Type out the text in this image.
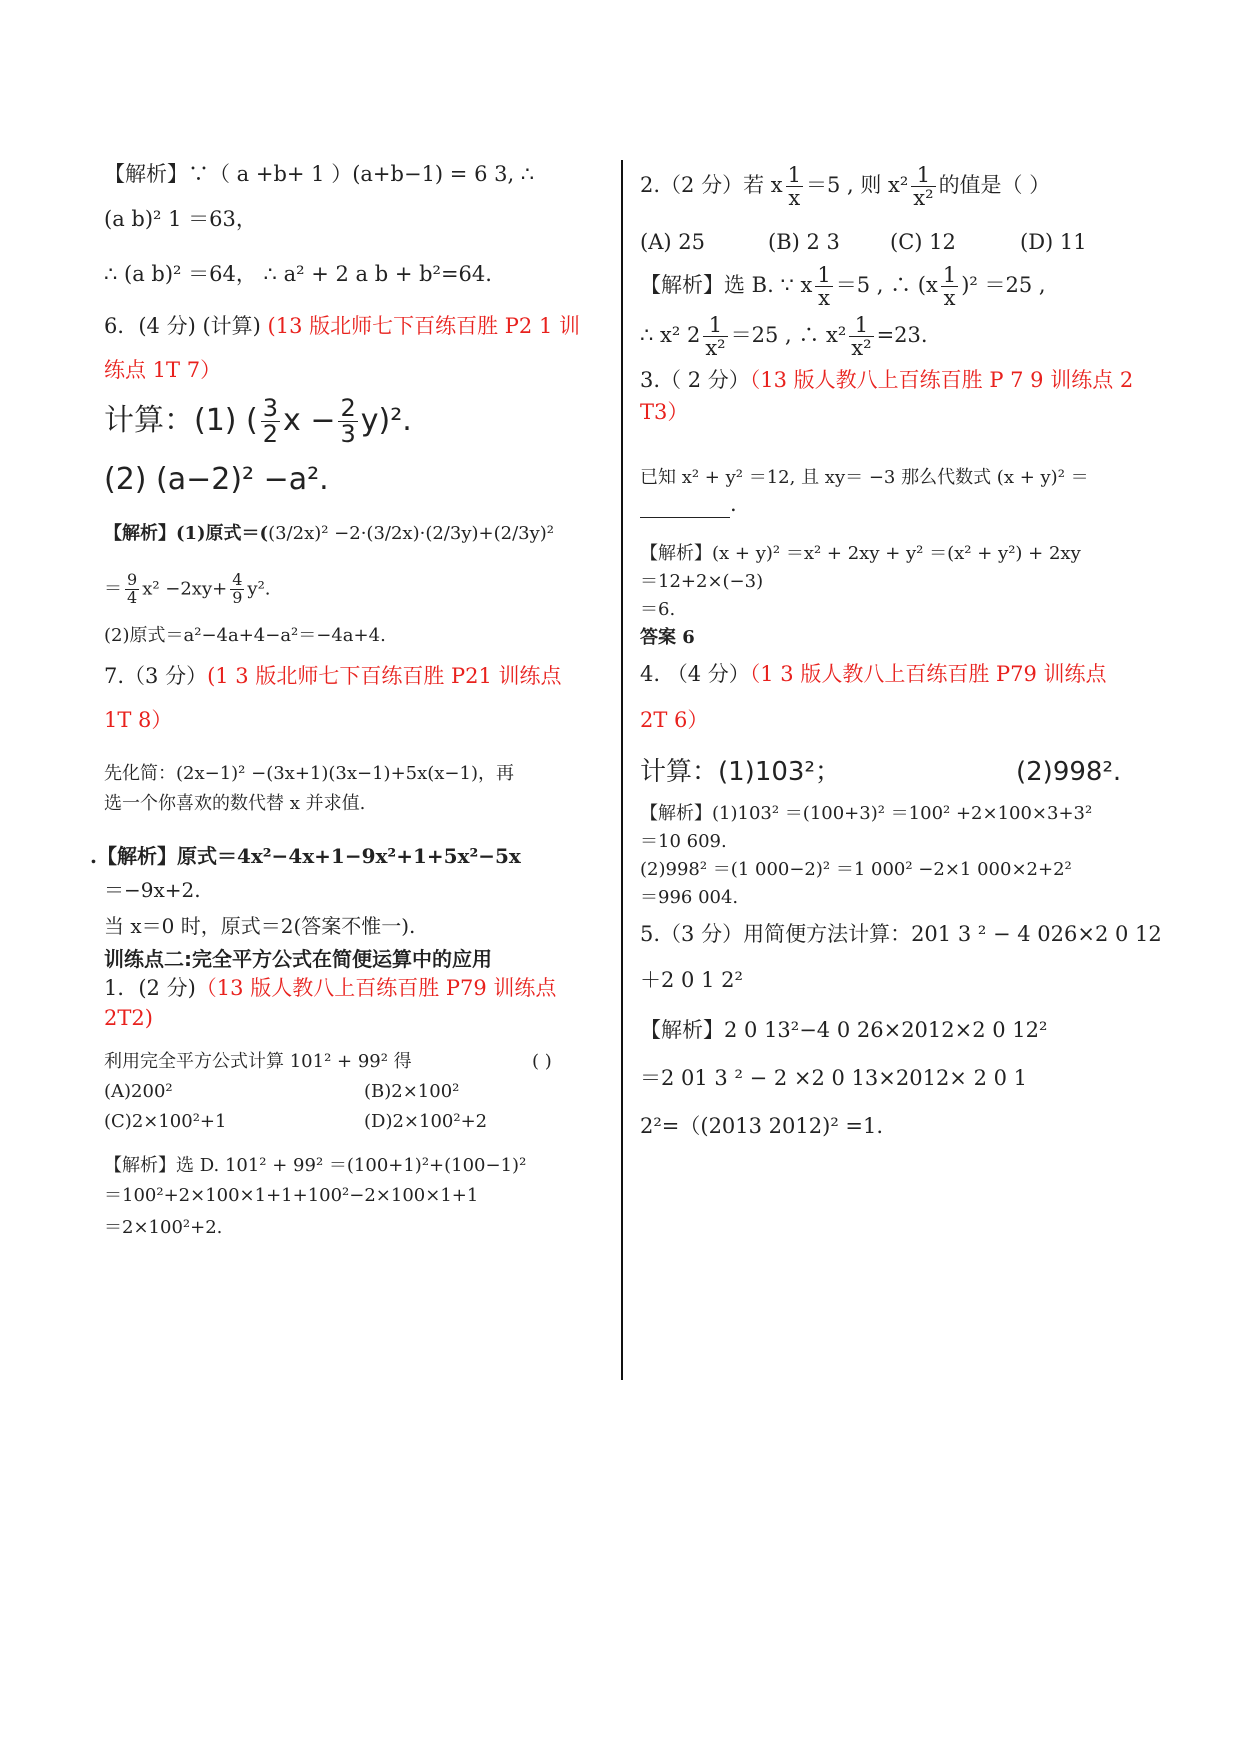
【解析】∵（ a +b+ 1 ）(a+b−1) = 6 3, ∴
(a b)² 1 ＝63，
∴ (a b)² ＝64， ∴ a² + 2 a b + b²=64.
6．(4 分) (计算) (13 版北师七下百练百胜 P2 1 训
练点 1T 7）
计算：(1) ( $\frac{3}{2}$ $x - \frac{2}{3} y)^2$.
(2) (a−2)² −a².
【解析】(1)原式＝((3/2x)² −2·(3/2x)·(2/3y)+(2/3y)²
＝ $\frac{9}{4} x^2 -2xy+ \frac{4}{9} y^2$.
(2)原式＝a²−4a+4−a²＝−4a+4.
7.（3 分）(1 3 版北师七下百练百胜 P21 训练点
1T 8）
先化简：(2x−1)² −(3x+1)(3x−1)+5x(x−1)，再
选一个你喜欢的数代替 x 并求值.
.【解析】原式＝4x²−4x+1−9x²+1+5x²−5x
＝−9x+2.
当 x＝0 时，原式＝2(答案不惟一).
训练点二:完全平方公式在简便运算中的应用
1．(2 分)（13 版人教八上百练百胜 P79 训练点
2T2)
利用完全平方公式计算 101² + 99² 得	( )
(A)200²	(B)2×100²
(C)2×100²+1	(D)2×100²+2
【解析】选 D. 101² + 99² ＝(100+1)²+(100−1)²
＝100²+2×100×1+1+100²−2×100×1+1
＝2×100²+2.
2.（2 分）若 x $\frac{1}{x} =5$ , 则 $x^2 \frac{1}{\text{x²}}$ 的值是（ ）
(A) 25	(B) 2 3 (C) 12	(D) 11
【解析】选 B. ∵ x $\frac{1}{x} =5$ , ∴ $(x \frac{1}{x} )^2 =25$ ,
∴ x² $2 \frac{1}{\text{x²}} =25$ , ∴ $x^2 \frac{1}{\text{x²}} =23$.
3.（ 2 分）（13 版人教八上百练百胜 P 7 9 训练点 2
T3）
已知 x² + y² ＝12, 且 xy＝ −3 那么代数式 (x + y)² ＝
.
【解析】(x + y)² ＝x² + 2xy + y² ＝(x² + y²) + 2xy
＝12+2×(−3)
＝6.
答案 6
4. （4 分）（1 3 版人教八上百练百胜 P79 训练点
2T 6）
计算：(1)103²；	(2)998².
【解析】(1)103² ＝(100+3)² ＝100² +2×100×3+3²
＝10 609.
(2)998² ＝(1 000−2)² ＝1 000² −2×1 000×2+2²
＝996 004.
5.（3 分）用简便方法计算：201 3 ² − 4 026×2 0 12
＋2 0 1 2²
【解析】2 0 13²−4 0 26×2012×2 0 12²
＝2 01 3 ² − 2 ×2 0 13×2012× 2 0 1
2²=（(2013 2012)² =1.
